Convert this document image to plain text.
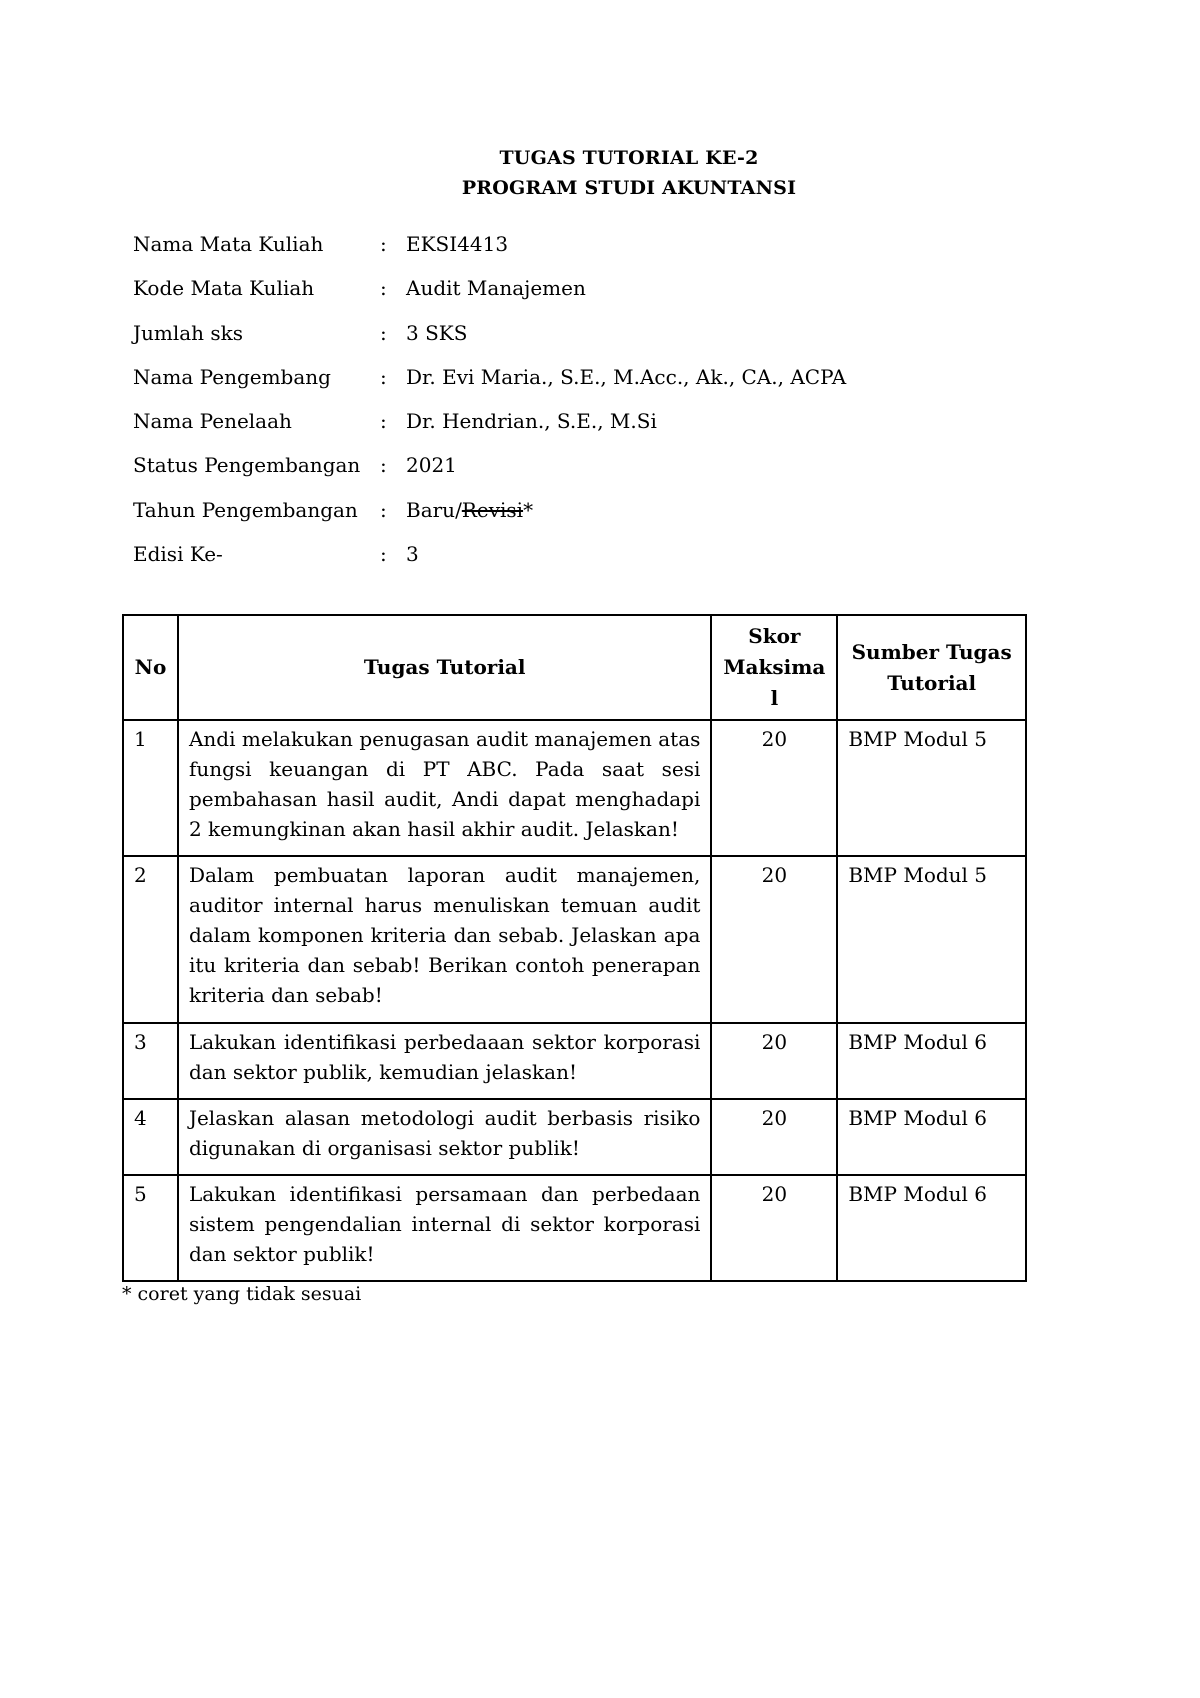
TUGAS TUTORIAL KE-2
PROGRAM STUDI AKUNTANSI
Nama Mata Kuliah	: EKSI4413
Kode Mata Kuliah	: Audit Manajemen
Jumlah sks	: 3 SKS
Nama Pengembang : Dr. Evi Maria., S.E., M.Acc., Ak., CA., ACPA
Nama Penelaah	: Dr. Hendrian., S.E., M.Si
Status Pengembangan : 2021
Tahun Pengembangan : Baru/Revisi*
Edisi Ke-	: 3
No	Tugas Tutorial	Skor Maksima l	Sumber Tugas Tutorial
1	Andi melakukan penugasan audit manajemen atas fungsi keuangan di PT ABC. Pada saat sesi pembahasan hasil audit, Andi dapat menghadapi 2 kemungkinan akan hasil akhir audit. Jelaskan!	20	BMP Modul 5
2	Dalam pembuatan laporan audit manajemen, auditor internal harus menuliskan temuan audit dalam komponen kriteria dan sebab. Jelaskan apa itu kriteria dan sebab! Berikan contoh penerapan kriteria dan sebab!	20	BMP Modul 5
3	Lakukan identifikasi perbedaaan sektor korporasi dan sektor publik, kemudian jelaskan!	20	BMP Modul 6
4	Jelaskan alasan metodologi audit berbasis risiko digunakan di organisasi sektor publik!	20	BMP Modul 6
5	Lakukan identifikasi persamaan dan perbedaan sistem pengendalian internal di sektor korporasi dan sektor publik!	20	BMP Modul 6
* coret yang tidak sesuai
